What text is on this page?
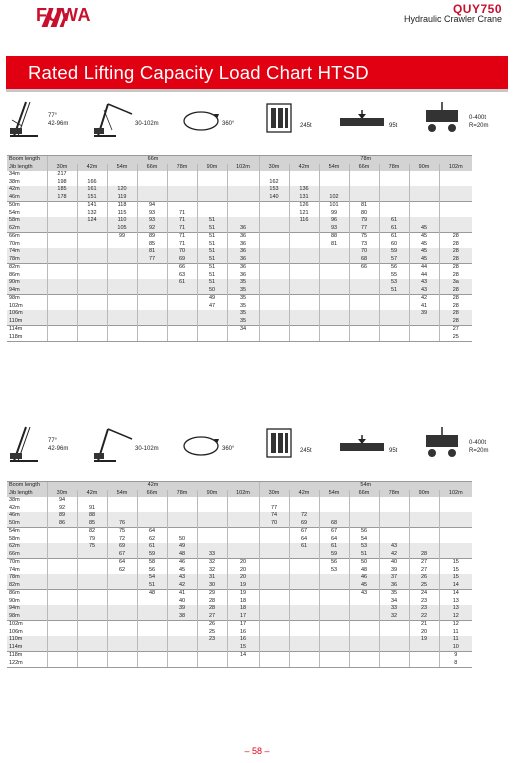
FUWA	QUY750
Hydraulic Crawler Crane
Rated Lifting Capacity Load Chart HTSD
77°
42-96m	30-102m	360°	245t	95t
0-400t
R=20m
77°
42-96m	30-102m	360°	245t	95t
0-400t
R=20m
Boom length	66m							78m						
Jib length	30m	42m	54m	66m	78m	90m	102m	30m	42m	54m	66m	78m	90m	102m
34m	217													
38m	198	166						162						
42m	185	161	120					153	136					
46m	178	151	119					140	131	102				
50m		141	118	94					126	101	81			
54m		132	115	93	71				121	99	80			
58m		124	110	93	71	51			116	96	79	61		
62m			105	92	71	51	36			93	77	61	45	
66m			99	89	71	51	36			88	75	61	45	28
70m				85	71	51	36			81	73	60	45	28
74m				81	70	51	36				70	59	45	28
78m				77	69	51	36				68	57	45	28
82m					66	51	36				66	56	44	28
86m					63	51	36					55	44	28
90m					61	51	35					53	43	3a
94m						50	35					51	43	28
98m						49	35						42	28
102m						47	35						41	28
106m							35						39	28
110m							35							28
114m							34							27
118m														25
Boom length	42m							54m						
Jib length	30m	42m	54m	66m	78m	90m	102m	30m	42m	54m	66m	78m	90m	102m
38m	94													
42m	92	91						77						
46m	89	88						74	72					
50m	86	85	76					70	69	68				
54m		82	75	64					67	67	56			
58m		79	72	62	50				64	64	54			
62m		75	69	61	49				61	61	53	43		
66m			67	59	48	33				59	51	42	28	
70m			64	58	46	32	20			56	50	40	27	15
74m			62	56	45	32	20			53	48	39	27	15
78m				54	43	31	20				46	37	26	15
82m				51	42	30	19				45	36	25	14
86m				48	41	29	19				43	35	24	14
90m					40	28	18					34	23	13
94m					39	28	18					33	23	13
98m					38	27	17					32	22	12
102m						26	17						21	12
106m						25	16						20	11
110m						23	16						19	11
114m							15							10
118m							14							9
122m														8
– 58 –
